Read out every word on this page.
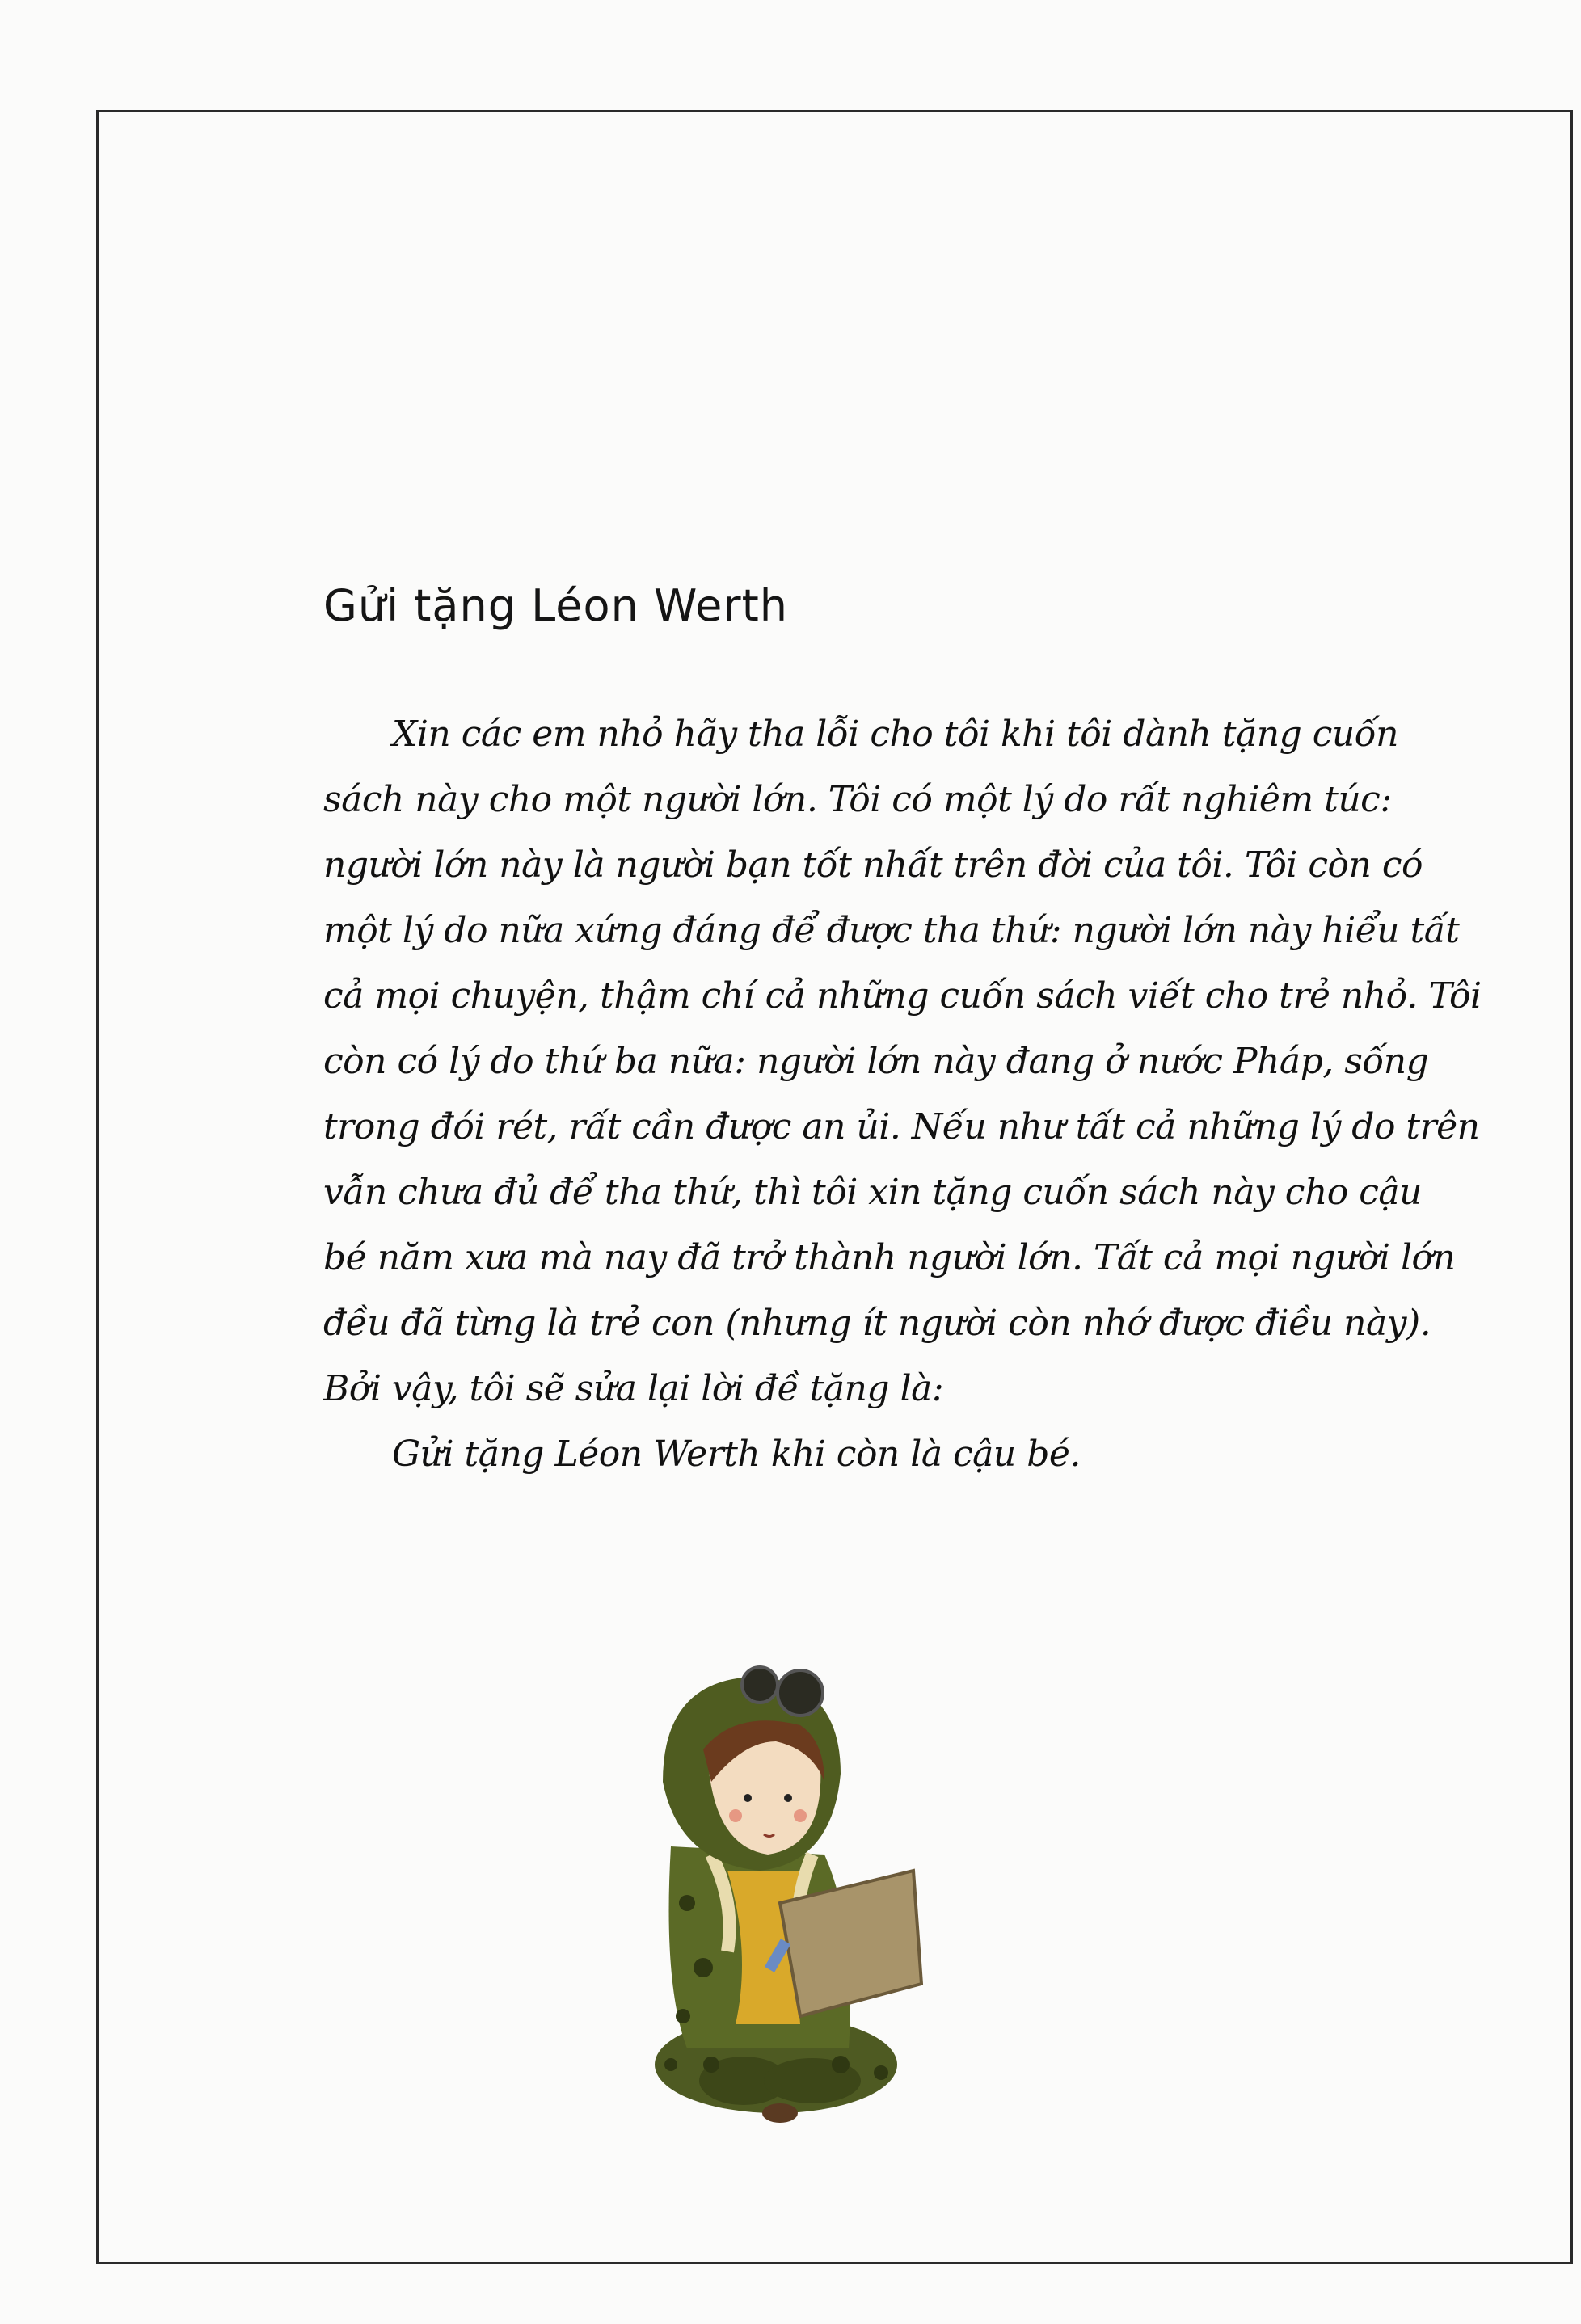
Gửi tặng Léon Werth
Xin các em nhỏ hãy tha lỗi cho tôi khi tôi dành tặng cuốn
sách này cho một người lớn. Tôi có một lý do rất nghiêm túc:
người lớn này là người bạn tốt nhất trên đời của tôi. Tôi còn có
một lý do nữa xứng đáng để được tha thứ: người lớn này hiểu tất
cả mọi chuyện, thậm chí cả những cuốn sách viết cho trẻ nhỏ. Tôi
còn có lý do thứ ba nữa: người lớn này đang ở nước Pháp, sống
trong đói rét, rất cần được an ủi. Nếu như tất cả những lý do trên
vẫn chưa đủ để tha thứ, thì tôi xin tặng cuốn sách này cho cậu
bé năm xưa mà nay đã trở thành người lớn. Tất cả mọi người lớn
đều đã từng là trẻ con (nhưng ít người còn nhớ được điều này).
Bởi vậy, tôi sẽ sửa lại lời đề tặng là:
Gửi tặng Léon Werth khi còn là cậu bé.
